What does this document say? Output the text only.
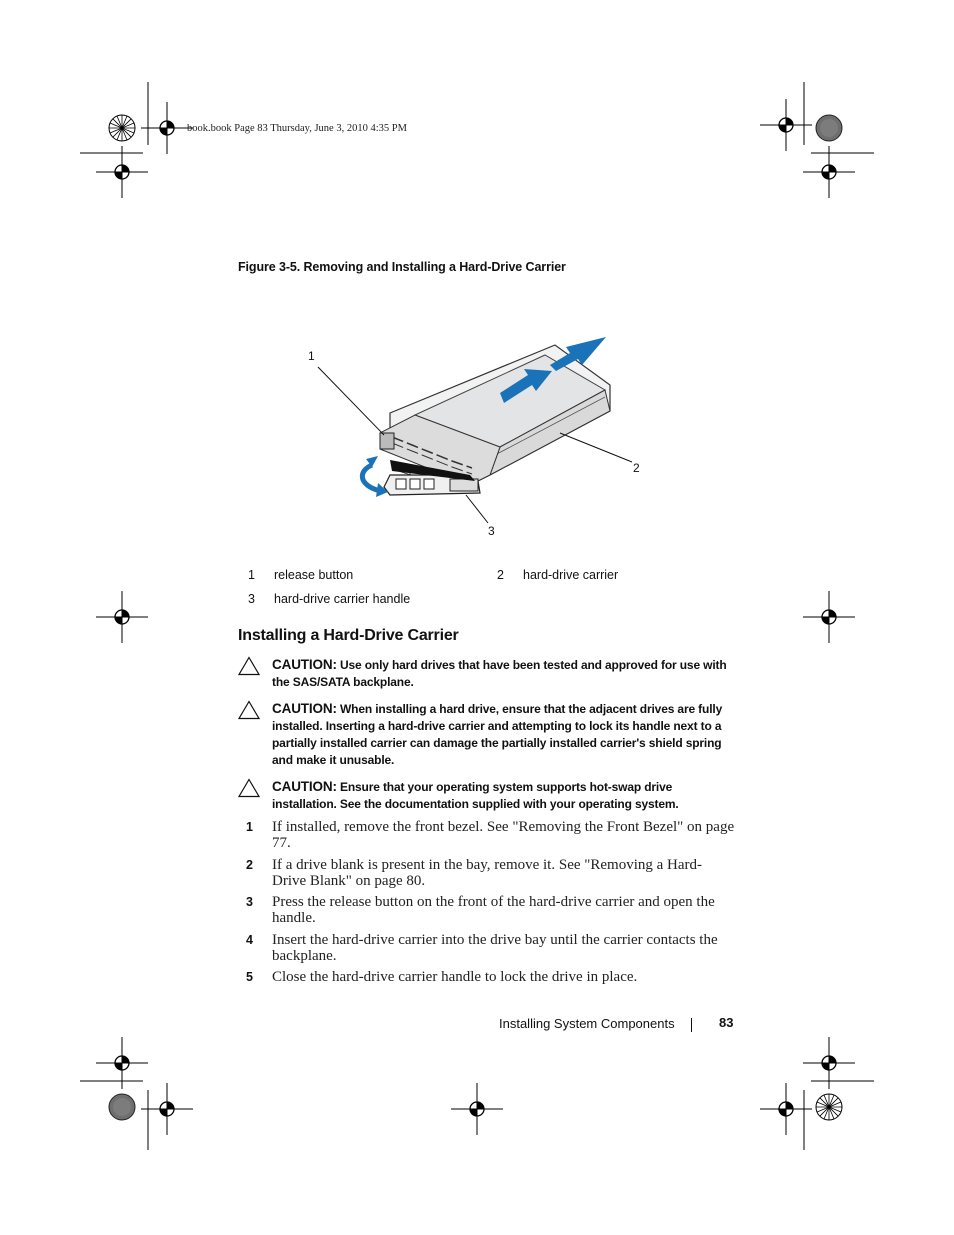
book.book Page 83 Thursday, June 3, 2010 4:35 PM
Figure 3-5. Removing and Installing a Hard-Drive Carrier
1
2
3
1 release button	2 hard-drive carrier
3 hard-drive carrier handle
Installing a Hard-Drive Carrier
CAUTION: Use only hard drives that have been tested and approved for use with the SAS/SATA backplane.
CAUTION: When installing a hard drive, ensure that the adjacent drives are fully installed. Inserting a hard-drive carrier and attempting to lock its handle next to a partially installed carrier can damage the partially installed carrier's shield spring and make it unusable.
CAUTION: Ensure that your operating system supports hot-swap drive installation. See the documentation supplied with your operating system.
1 If installed, remove the front bezel. See "Removing the Front Bezel" on page 77.
2 If a drive blank is present in the bay, remove it. See "Removing a Hard-Drive Blank" on page 80.
3 Press the release button on the front of the hard-drive carrier and open the handle.
4 Insert the hard-drive carrier into the drive bay until the carrier contacts the backplane.
5 Close the hard-drive carrier handle to lock the drive in place.
Installing System Components	83
